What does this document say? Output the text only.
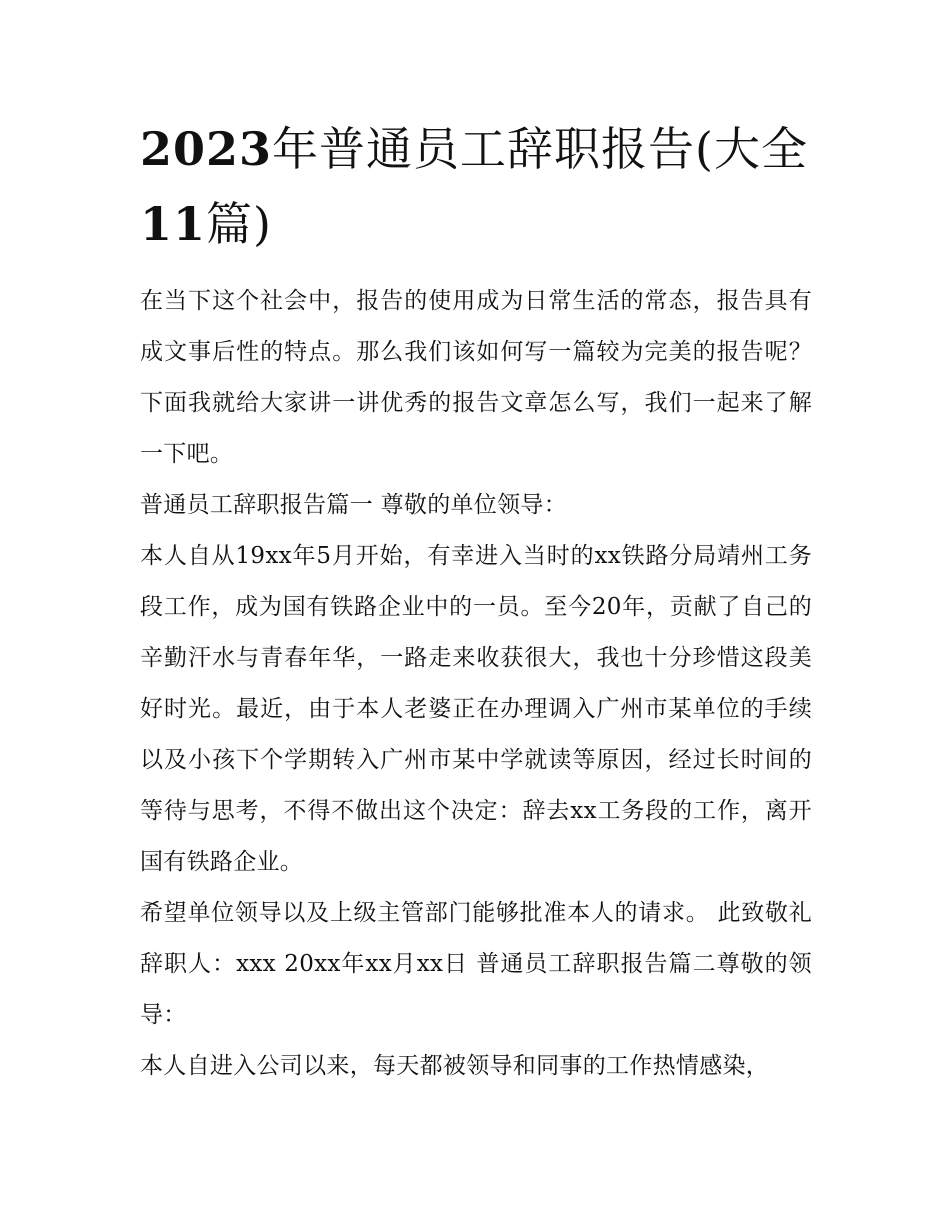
2023年普通员工辞职报告(大全11篇)

在当下这个社会中，报告的使用成为日常生活的常态，报告具有成文事后性的特点。那么我们该如何写一篇较为完美的报告呢？下面我就给大家讲一讲优秀的报告文章怎么写，我们一起来了解一下吧。

普通员工辞职报告篇一 尊敬的单位领导：

本人自从19xx年5月开始，有幸进入当时的xx铁路分局靖州工务段工作，成为国有铁路企业中的一员。至今20年，贡献了自己的辛勤汗水与青春年华，一路走来收获很大，我也十分珍惜这段美好时光。最近，由于本人老婆正在办理调入广州市某单位的手续以及小孩下个学期转入广州市某中学就读等原因，经过长时间的等待与思考，不得不做出这个决定：辞去xx工务段的工作，离开国有铁路企业。

希望单位领导以及上级主管部门能够批准本人的请求。 此致敬礼 辞职人：xxx 20xx年xx月xx日 普通员工辞职报告篇二尊敬的领导：

本人自进入公司以来，每天都被领导和同事的工作热情感染，
